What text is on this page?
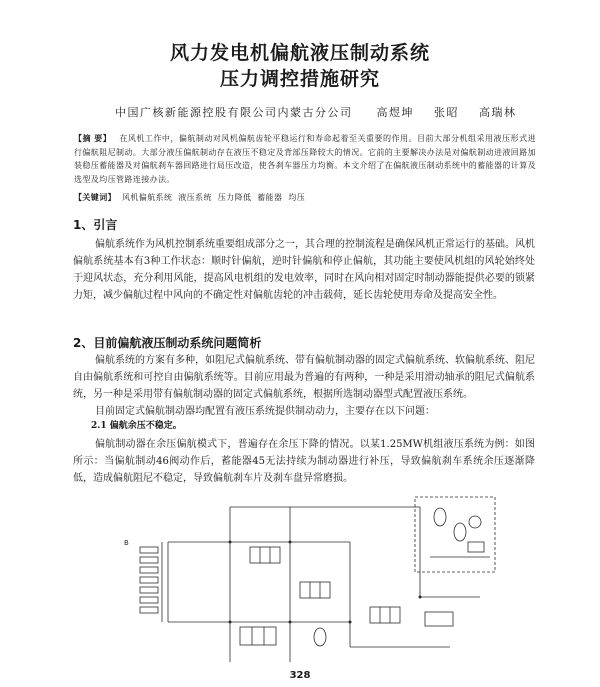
风力发电机偏航液压制动系统
压力调控措施研究
中国广核新能源控股有限公司内蒙古分公司 高煜坤    张昭    高瑞林
【摘 要】 在风机工作中，偏航制动对风机偏航齿轮平稳运行和寿命起着至关重要的作用。目前大部分机组采用液压形式进行偏航阻尼制动。大部分液压偏航制动存在液压不稳定及背部压降较大的情况。它前的主要解决办法是对偏航制动进液回路加装稳压蓄能器及对偏航刹车器回路进行局压改造，使各刹车器压力均衡。本文介绍了在偏航液压制动系统中的蓄能器的计算及选型及均压管路连接办法。
【关键词】 风机偏航系统  液压系统  压力降低  蓄能器  均压
1、引言

偏航系统作为风机控制系统重要组成部分之一，其合理的控制流程是确保风机正常运行的基础。风机偏航系统基本有3种工作状态：顺时针偏航，逆时针偏航和停止偏航，其功能主要使风机组的风轮始终处于迎风状态，充分利用风能，提高风电机组的发电效率，同时在风向相对固定时制动器能提供必要的锁紧力矩，减少偏航过程中风向的不确定性对偏航齿轮的冲击载荷，延长齿轮使用寿命及提高安全性。

2、目前偏航液压制动系统问题简析

偏航系统的方案有多种，如阻尼式偏航系统、带有偏航制动器的固定式偏航系统、软偏航系统、阻尼自由偏航系统和可控自由偏航系统等。目前应用最为普遍的有两种，一种是采用滑动轴承的阻尼式偏航系统，另一种是采用带有偏航制动器的固定式偏航系统，根据所选制动器型式配置液压系统。

目前固定式偏航制动器均配置有液压系统提供制动动力，主要存在以下问题：

2.1 偏航余压不稳定。

偏航制动器在余压偏航模式下，普遍存在余压下降的情况。以某1.25MW机组液压系统为例：如图所示：当偏航制动46阀动作后，蓄能器45无法持续为制动器进行补压，导致偏航刹车系统余压逐渐降低，造成偏航阻尼不稳定，导致偏航刹车片及刹车盘异常磨损。

B
328
